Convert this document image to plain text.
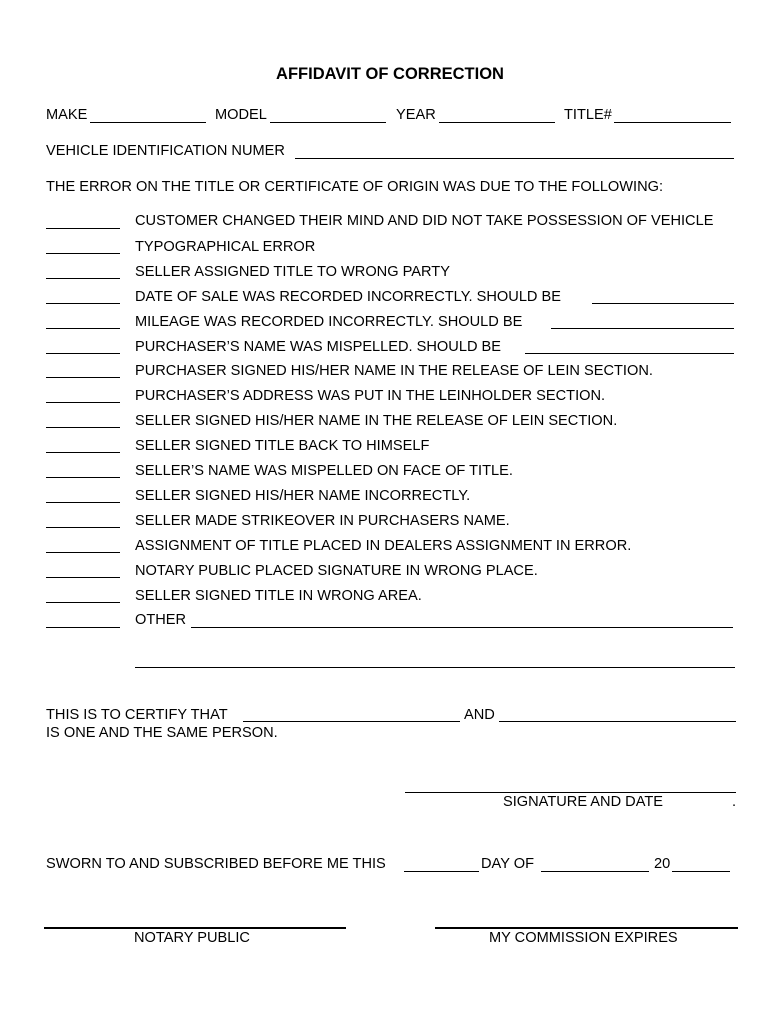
AFFIDAVIT OF CORRECTION
MAKE	MODEL	YEAR	TITLE#
VEHICLE IDENTIFICATION NUMER
THE ERROR ON THE TITLE OR CERTIFICATE OF ORIGIN WAS DUE TO THE FOLLOWING:
CUSTOMER CHANGED THEIR MIND AND DID NOT TAKE POSSESSION OF VEHICLE
TYPOGRAPHICAL ERROR
SELLER ASSIGNED TITLE TO WRONG PARTY
DATE OF SALE WAS RECORDED INCORRECTLY. SHOULD BE
MILEAGE WAS RECORDED INCORRECTLY. SHOULD BE
PURCHASER’S NAME WAS MISPELLED. SHOULD BE
PURCHASER SIGNED HIS/HER NAME IN THE RELEASE OF LEIN SECTION.
PURCHASER’S ADDRESS WAS PUT IN THE LEINHOLDER SECTION.
SELLER SIGNED HIS/HER NAME IN THE RELEASE OF LEIN SECTION.
SELLER SIGNED TITLE BACK TO HIMSELF
SELLER’S NAME WAS MISPELLED ON FACE OF TITLE.
SELLER SIGNED HIS/HER NAME INCORRECTLY.
SELLER MADE STRIKEOVER IN PURCHASERS NAME.
ASSIGNMENT OF TITLE PLACED IN DEALERS ASSIGNMENT IN ERROR.
NOTARY PUBLIC PLACED SIGNATURE IN WRONG PLACE.
SELLER SIGNED TITLE IN WRONG AREA.
OTHER
THIS IS TO CERTIFY THAT	AND
IS ONE AND THE SAME PERSON.
SIGNATURE AND DATE	.
SWORN TO AND SUBSCRIBED BEFORE ME THIS	DAY OF	20
NOTARY PUBLIC	MY COMMISSION EXPIRES
